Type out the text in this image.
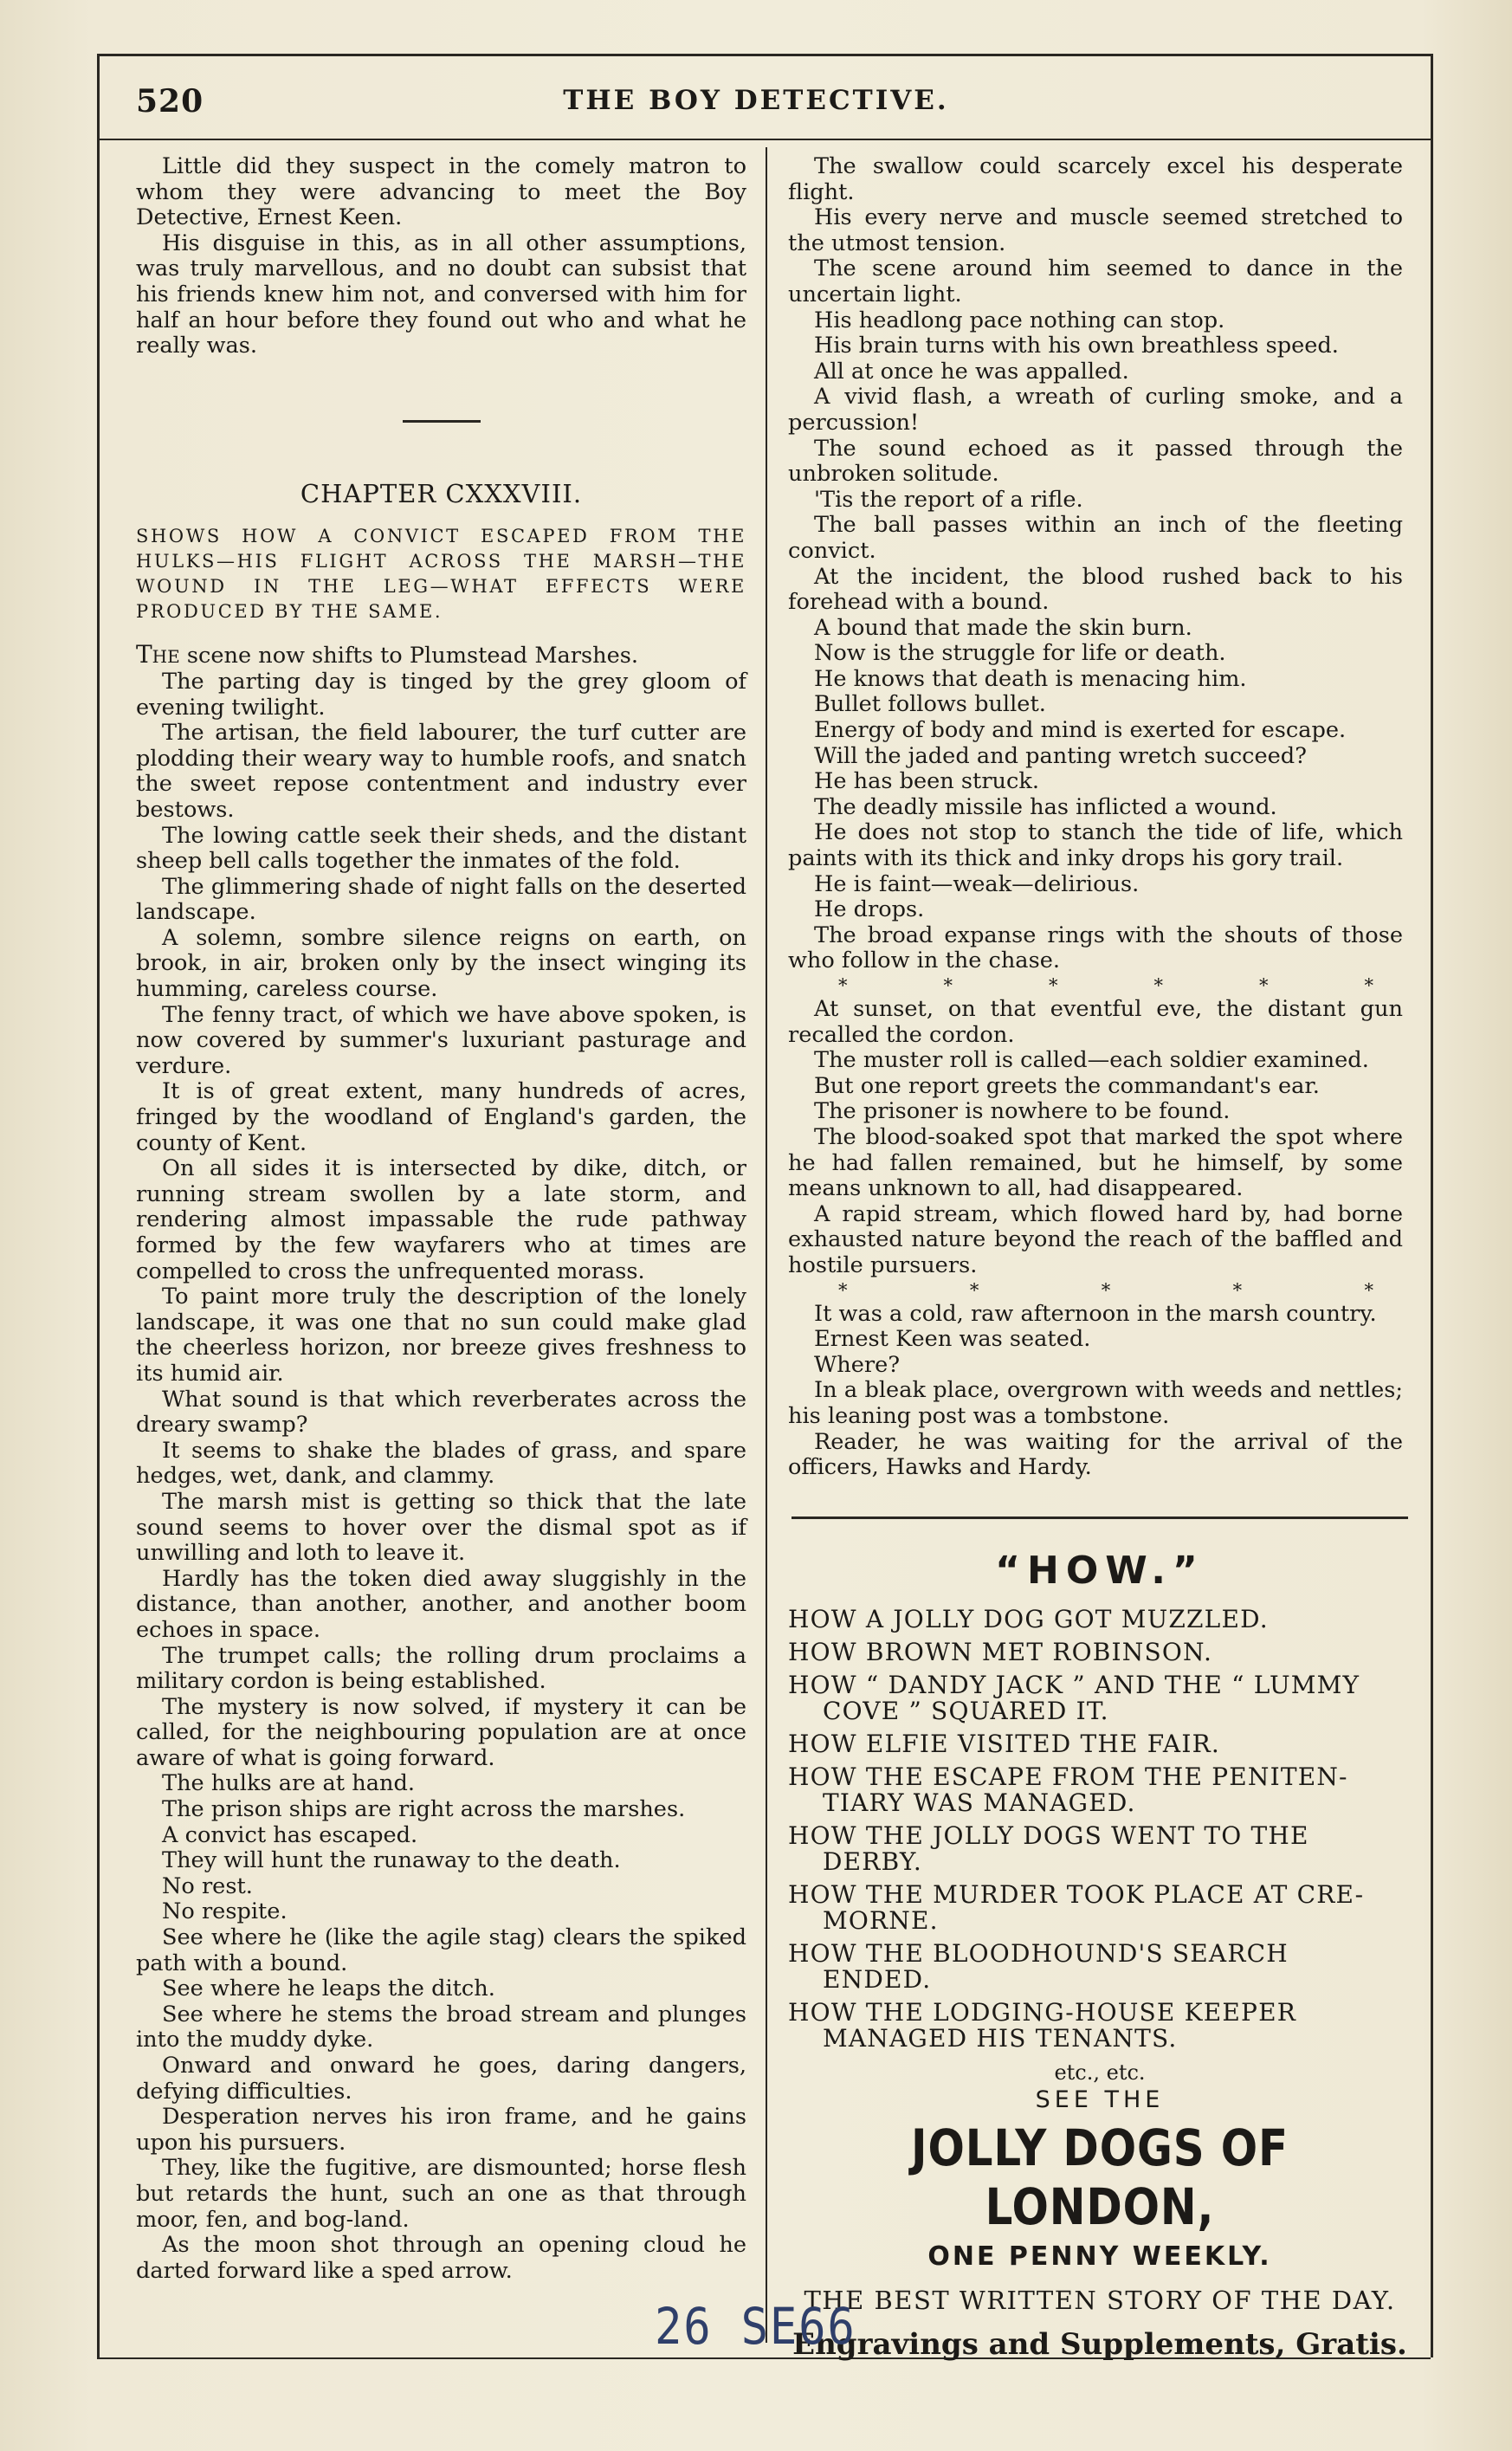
520	THE BOY DETECTIVE.

Little did they suspect in the comely matron to whom they were advancing to meet the Boy Detective, Ernest Keen.

His disguise in this, as in all other assumptions, was truly marvellous, and no doubt can subsist that his friends knew him not, and conversed with him for half an hour before they found out who and what he really was.

CHAPTER CXXXVIII.
SHOWS HOW A CONVICT ESCAPED FROM THE HULKS—HIS FLIGHT ACROSS THE MARSH—THE WOUND IN THE LEG—WHAT EFFECTS WERE PRODUCED BY THE SAME.

The scene now shifts to Plumstead Marshes.

The parting day is tinged by the grey gloom of evening twilight.

The artisan, the field labourer, the turf cutter are plodding their weary way to humble roofs, and snatch the sweet repose contentment and industry ever bestows.

The lowing cattle seek their sheds, and the distant sheep bell calls together the inmates of the fold.

The glimmering shade of night falls on the deserted landscape.

A solemn, sombre silence reigns on earth, on brook, in air, broken only by the insect winging its humming, careless course.

The fenny tract, of which we have above spoken, is now covered by summer's luxuriant pasturage and verdure.

It is of great extent, many hundreds of acres, fringed by the woodland of England's garden, the county of Kent.

On all sides it is intersected by dike, ditch, or running stream swollen by a late storm, and rendering almost impassable the rude pathway formed by the few wayfarers who at times are compelled to cross the unfrequented morass.

To paint more truly the description of the lonely landscape, it was one that no sun could make glad the cheerless horizon, nor breeze gives freshness to its humid air.

What sound is that which reverberates across the dreary swamp?

It seems to shake the blades of grass, and spare hedges, wet, dank, and clammy.

The marsh mist is getting so thick that the late sound seems to hover over the dismal spot as if unwilling and loth to leave it.

Hardly has the token died away sluggishly in the distance, than another, another, and another boom echoes in space.

The trumpet calls; the rolling drum proclaims a military cordon is being established.

The mystery is now solved, if mystery it can be called, for the neighbouring population are at once aware of what is going forward.

The hulks are at hand.

The prison ships are right across the marshes.

A convict has escaped.

They will hunt the runaway to the death.

No rest.

No respite.

See where he (like the agile stag) clears the spiked path with a bound.

See where he leaps the ditch.

See where he stems the broad stream and plunges into the muddy dyke.

Onward and onward he goes, daring dangers, defying difficulties.

Desperation nerves his iron frame, and he gains upon his pursuers.

They, like the fugitive, are dismounted; horse flesh but retards the hunt, such an one as that through moor, fen, and bog-land.

As the moon shot through an opening cloud he darted forward like a sped arrow.

The swallow could scarcely excel his desperate flight.

His every nerve and muscle seemed stretched to the utmost tension.

The scene around him seemed to dance in the uncertain light.

His headlong pace nothing can stop.

His brain turns with his own breathless speed.

All at once he was appalled.

A vivid flash, a wreath of curling smoke, and a percussion!

The sound echoed as it passed through the unbroken solitude.

'Tis the report of a rifle.

The ball passes within an inch of the fleeting convict.

At the incident, the blood rushed back to his forehead with a bound.

A bound that made the skin burn.

Now is the struggle for life or death.

He knows that death is menacing him.

Bullet follows bullet.

Energy of body and mind is exerted for escape.

Will the jaded and panting wretch succeed?

He has been struck.

The deadly missile has inflicted a wound.

He does not stop to stanch the tide of life, which paints with its thick and inky drops his gory trail.

He is faint—weak—delirious.

He drops.

The broad expanse rings with the shouts of those who follow in the chase.

*	*	*	*	*	*

At sunset, on that eventful eve, the distant gun recalled the cordon.

The muster roll is called—each soldier examined.

But one report greets the commandant's ear.

The prisoner is nowhere to be found.

The blood-soaked spot that marked the spot where he had fallen remained, but he himself, by some means unknown to all, had disappeared.

A rapid stream, which flowed hard by, had borne exhausted nature beyond the reach of the baffled and hostile pursuers.

*	*	*	*	*

It was a cold, raw afternoon in the marsh country.

Ernest Keen was seated.

Where?

In a bleak place, overgrown with weeds and nettles; his leaning post was a tombstone.

Reader, he was waiting for the arrival of the officers, Hawks and Hardy.

“HOW.”
HOW A JOLLY DOG GOT MUZZLED.
HOW BROWN MET ROBINSON.
HOW “ DANDY JACK ” AND THE “ LUMMY
COVE ” SQUARED IT.
HOW ELFIE VISITED THE FAIR.
HOW THE ESCAPE FROM THE PENITEN-
TIARY WAS MANAGED.
HOW THE JOLLY DOGS WENT TO THE
DERBY.
HOW THE MURDER TOOK PLACE AT CRE-
MORNE.
HOW THE BLOODHOUND'S SEARCH
ENDED.
HOW THE LODGING-HOUSE KEEPER
MANAGED HIS TENANTS.
etc., etc.
SEE THE
JOLLY DOGS OF LONDON,
ONE PENNY WEEKLY.
THE BEST WRITTEN STORY OF THE DAY.
Engravings and Supplements, Gratis.
26 SE66
